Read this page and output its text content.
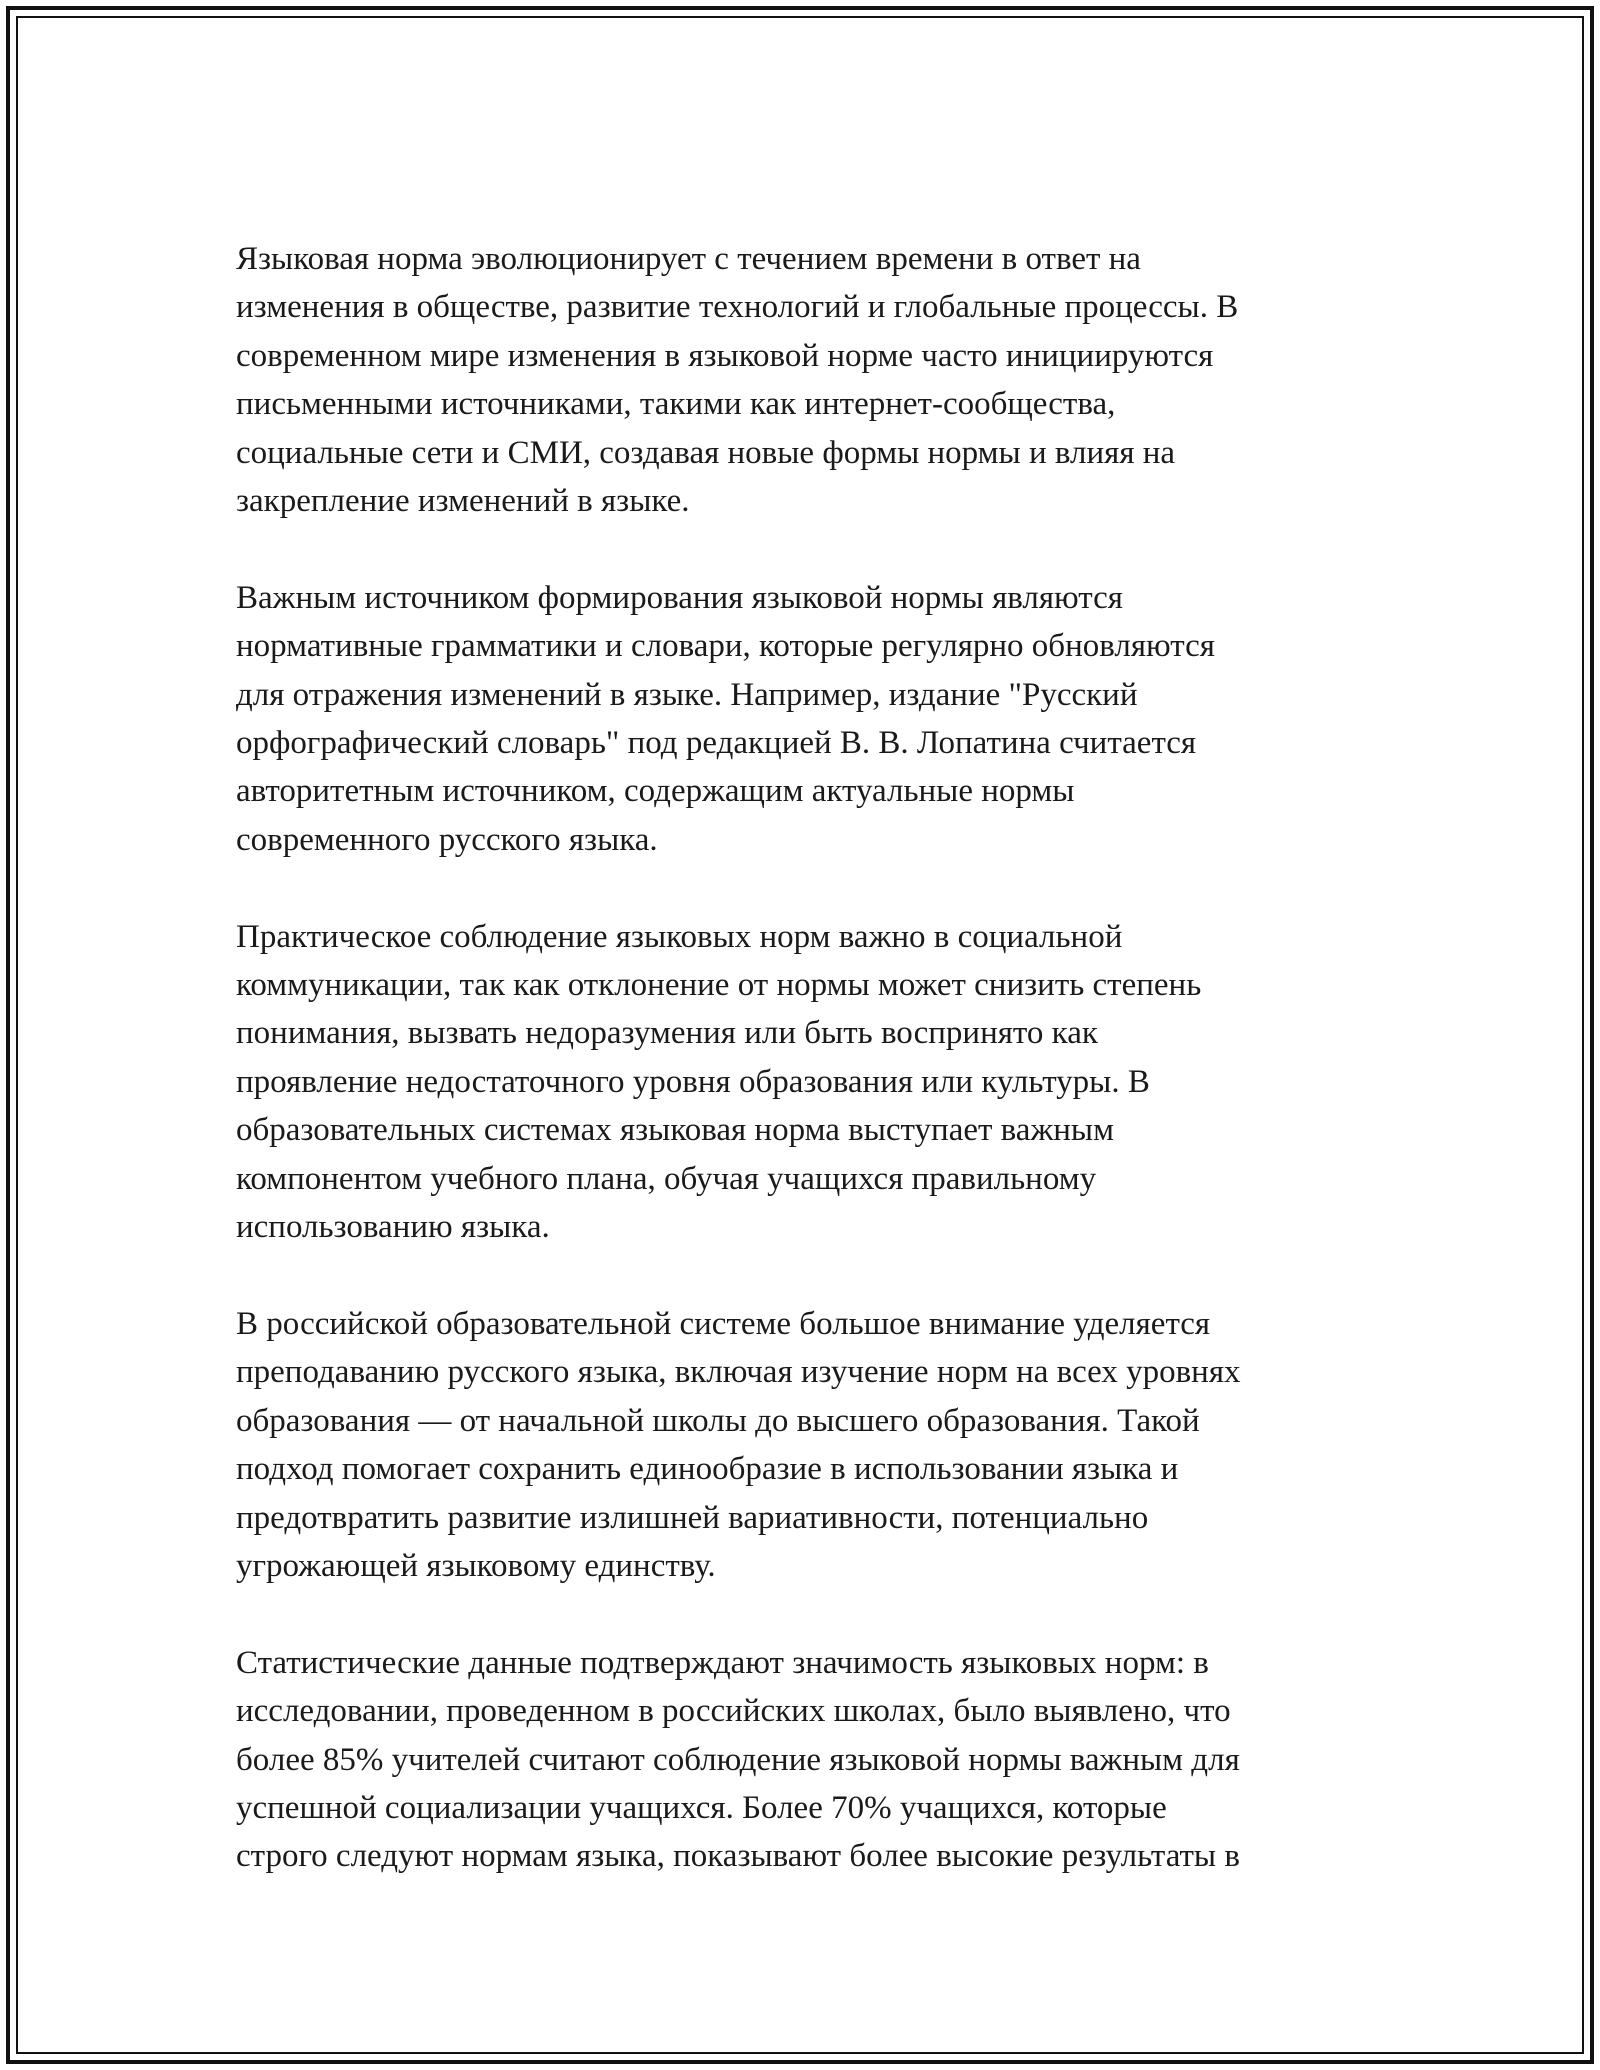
Языковая норма эволюционирует с течением времени в ответ на
изменения в обществе, развитие технологий и глобальные процессы. В
современном мире изменения в языковой норме часто инициируются
письменными источниками, такими как интернет-сообщества,
социальные сети и СМИ, создавая новые формы нормы и влияя на
закрепление изменений в языке.

Важным источником формирования языковой нормы являются
нормативные грамматики и словари, которые регулярно обновляются
для отражения изменений в языке. Например, издание "Русский
орфографический словарь" под редакцией В. В. Лопатина считается
авторитетным источником, содержащим актуальные нормы
современного русского языка.

Практическое соблюдение языковых норм важно в социальной
коммуникации, так как отклонение от нормы может снизить степень
понимания, вызвать недоразумения или быть воспринято как
проявление недостаточного уровня образования или культуры. В
образовательных системах языковая норма выступает важным
компонентом учебного плана, обучая учащихся правильному
использованию языка.

В российской образовательной системе большое внимание уделяется
преподаванию русского языка, включая изучение норм на всех уровнях
образования — от начальной школы до высшего образования. Такой
подход помогает сохранить единообразие в использовании языка и
предотвратить развитие излишней вариативности, потенциально
угрожающей языковому единству.

Статистические данные подтверждают значимость языковых норм: в
исследовании, проведенном в российских школах, было выявлено, что
более 85% учителей считают соблюдение языковой нормы важным для
успешной социализации учащихся. Более 70% учащихся, которые
строго следуют нормам языка, показывают более высокие результаты в
